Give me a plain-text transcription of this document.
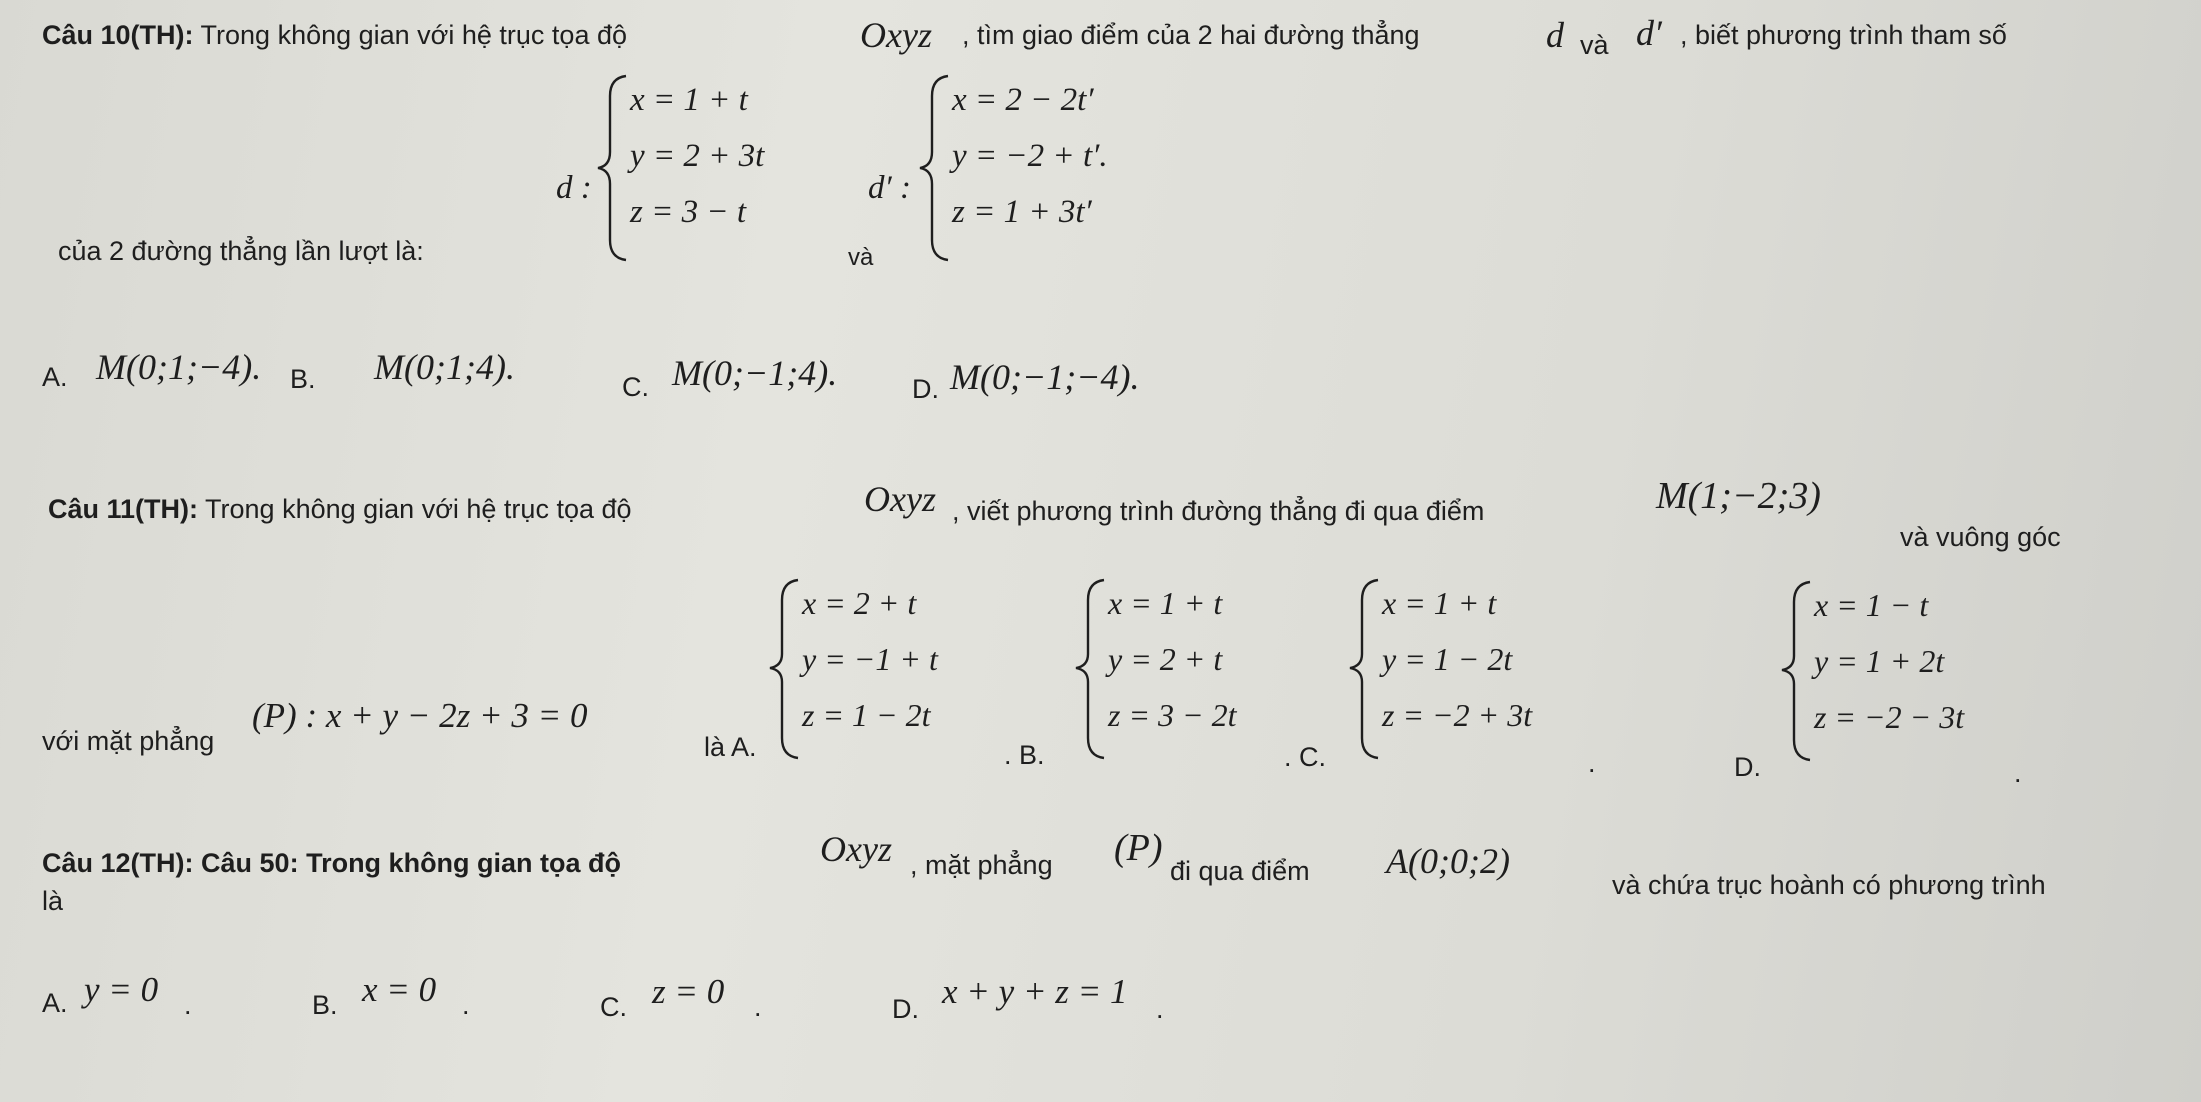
Câu 10(TH): Trong không gian với hệ trục tọa độ	Oxyz , tìm giao điểm của 2 hai đường thẳng	d và d′ , biết phương trình tham số
của 2 đường thẳng lần lượt là:
d :
x = 1 + t
y = 2 + 3t
z = 3 − t
và
d′ :
x = 2 − 2t′
y = −2 + t′.
z = 1 + 3t′
A. M(0;1;−4). B. M(0;1;4).	C. M(0;−1;4).	D. M(0;−1;−4).
Câu 11(TH): Trong không gian với hệ trục tọa độ	Oxyz , viết phương trình đường thẳng đi qua điểm	M(1;−2;3)
và vuông góc
với mặt phẳng
(P) : x + y − 2z + 3 = 0
là A.
x = 2 + t
y = −1 + t
z = 1 − 2t
. B.
x = 1 + t
y = 2 + t
z = 3 − 2t
. C.
x = 1 + t
y = 1 − 2t
z = −2 + 3t
.	D.
x = 1 − t
y = 1 + 2t
z = −2 − 3t
.
Câu 12(TH): Câu 50: Trong không gian tọa độ	Oxyz , mặt phẳng (P)
đi qua điểm A(0;0;2)
và chứa trục hoành có phương trình
là
A. y = 0 .	B. x = 0 .	C. z = 0 .	D. x + y + z = 1 .
